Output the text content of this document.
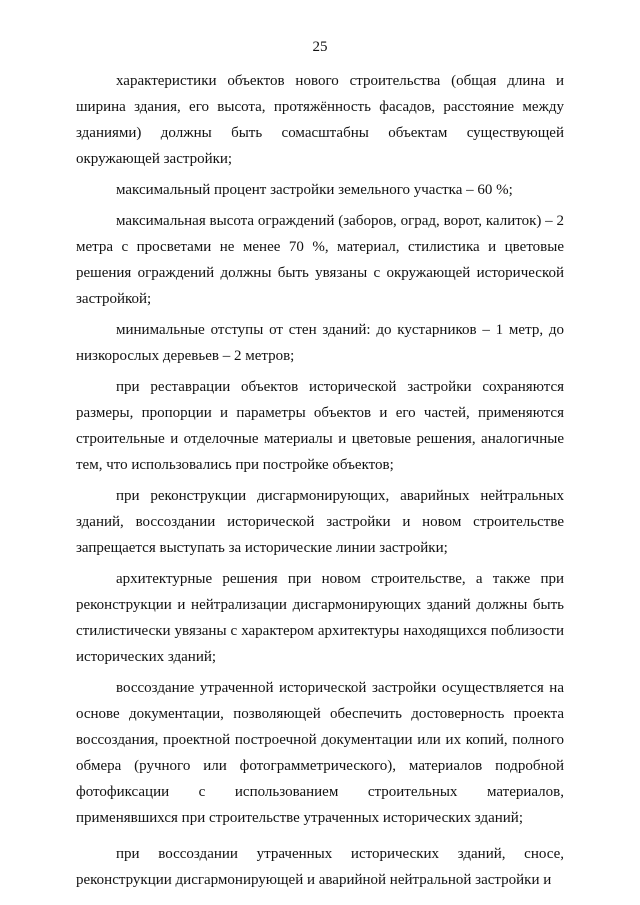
25

характеристики объектов нового строительства (общая длина и ширина здания, его высота, протяжённость фасадов, расстояние между зданиями) должны быть сомасштабны объектам существующей окружающей застройки;

максимальный процент застройки земельного участка – 60 %;

максимальная высота ограждений (заборов, оград, ворот, калиток) – 2 метра с просветами не менее 70 %, материал, стилистика и цветовые решения ограждений должны быть увязаны с окружающей исторической застройкой;

минимальные отступы от стен зданий: до кустарников – 1 метр, до низкорослых деревьев – 2 метров;

при реставрации объектов исторической застройки сохраняются размеры, пропорции и параметры объектов и его частей, применяются строительные и отделочные материалы и цветовые решения, аналогичные тем, что использовались при постройке объектов;

при реконструкции дисгармонирующих, аварийных нейтральных зданий, воссоздании исторической застройки и новом строительстве запрещается выступать за исторические линии застройки;

архитектурные решения при новом строительстве, а также при реконструкции и нейтрализации дисгармонирующих зданий должны быть стилистически увязаны с характером архитектуры находящихся поблизости исторических зданий;

воссоздание утраченной исторической застройки осуществляется на основе документации, позволяющей обеспечить достоверность проекта воссоздания, проектной построечной документации или их копий, полного обмера (ручного или фотограмметрического), материалов подробной фотофиксации с использованием строительных материалов, применявшихся при строительстве утраченных исторических зданий;

при воссоздании утраченных исторических зданий, сносе, реконструкции дисгармонирующей и аварийной нейтральной застройки и
